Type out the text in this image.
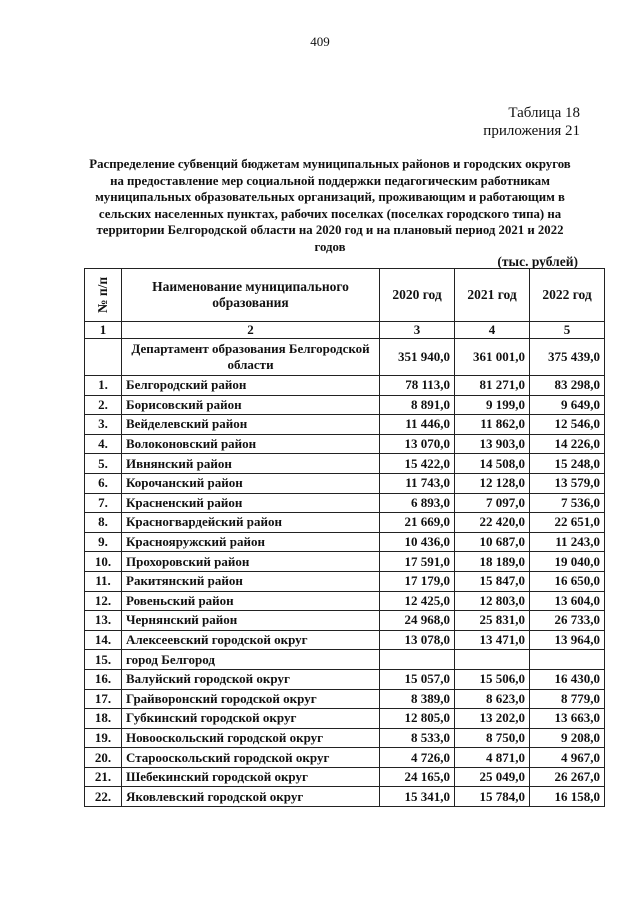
409
Таблица 18
приложения 21
Распределение субвенций бюджетам муниципальных районов и городских округов на предоставление мер социальной поддержки педагогическим работникам муниципальных образовательных организаций, проживающим и работающим в сельских населенных пунктах, рабочих поселках (поселках городского типа) на территории Белгородской области на 2020 год и на плановый период 2021 и 2022 годов
(тыс. рублей)
№ п/п	Наименование муниципального образования	2020 год	2021 год	2022 год
1	2	3	4	5
	Департамент образования Белгородской области	351 940,0	361 001,0	375 439,0
1.	Белгородский район	78 113,0	81 271,0	83 298,0
2.	Борисовский район	8 891,0	9 199,0	9 649,0
3.	Вейделевский район	11 446,0	11 862,0	12 546,0
4.	Волоконовский район	13 070,0	13 903,0	14 226,0
5.	Ивнянский район	15 422,0	14 508,0	15 248,0
6.	Корочанский район	11 743,0	12 128,0	13 579,0
7.	Красненский район	6 893,0	7 097,0	7 536,0
8.	Красногвардейский район	21 669,0	22 420,0	22 651,0
9.	Краснояружский район	10 436,0	10 687,0	11 243,0
10.	Прохоровский район	17 591,0	18 189,0	19 040,0
11.	Ракитянский район	17 179,0	15 847,0	16 650,0
12.	Ровеньский район	12 425,0	12 803,0	13 604,0
13.	Чернянский район	24 968,0	25 831,0	26 733,0
14.	Алексеевский городской округ	13 078,0	13 471,0	13 964,0
15.	город Белгород			
16.	Валуйский городской округ	15 057,0	15 506,0	16 430,0
17.	Грайворонский городской округ	8 389,0	8 623,0	8 779,0
18.	Губкинский городской округ	12 805,0	13 202,0	13 663,0
19.	Новооскольский городской округ	8 533,0	8 750,0	9 208,0
20.	Старооскольский городской округ	4 726,0	4 871,0	4 967,0
21.	Шебекинский городской округ	24 165,0	25 049,0	26 267,0
22.	Яковлевский городской округ	15 341,0	15 784,0	16 158,0
